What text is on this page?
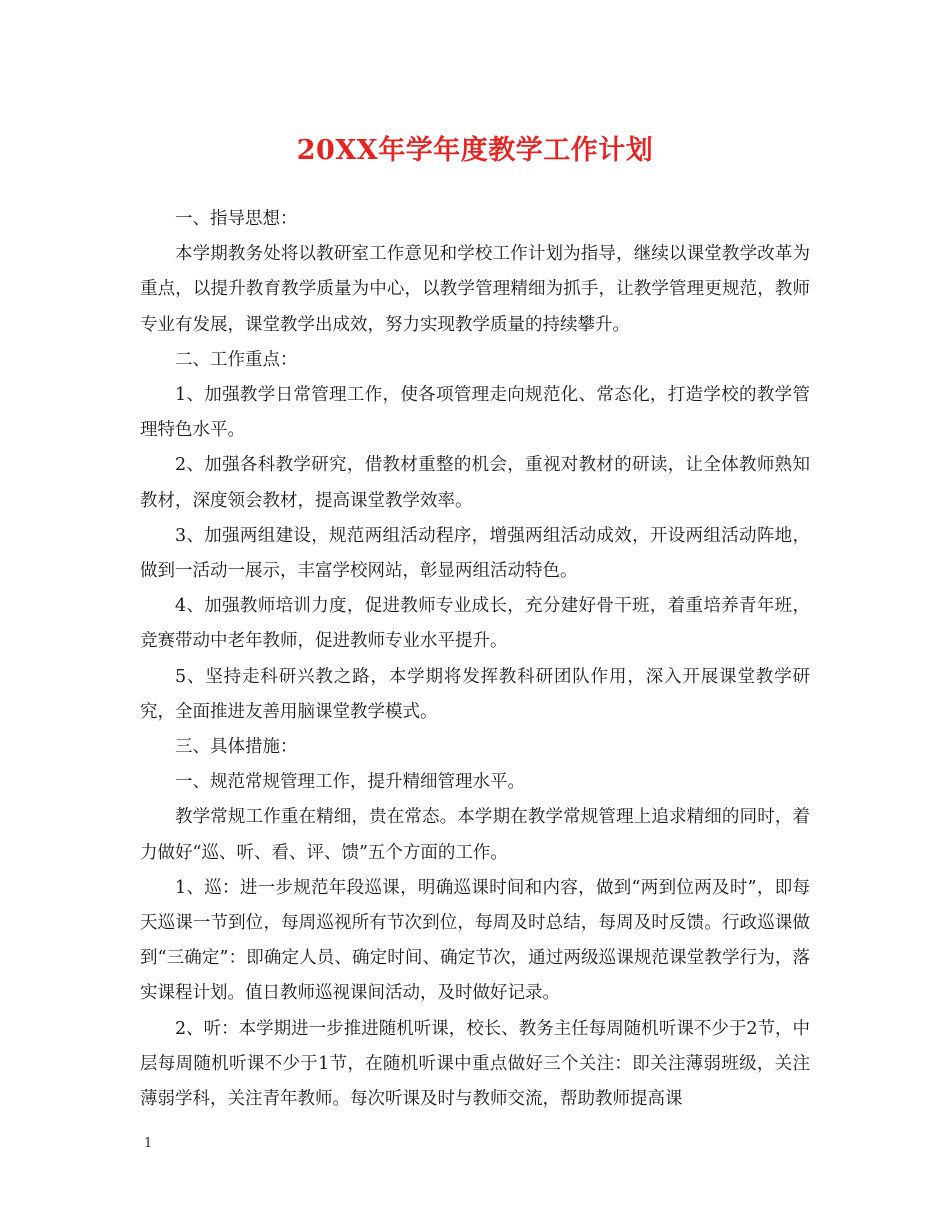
20XX年学年度教学工作计划

一、指导思想：

本学期教务处将以教研室工作意见和学校工作计划为指导，继续以课堂教学改革为重点，以提升教育教学质量为中心，以教学管理精细为抓手，让教学管理更规范，教师专业有发展，课堂教学出成效，努力实现教学质量的持续攀升。

二、工作重点：

1、加强教学日常管理工作，使各项管理走向规范化、常态化，打造学校的教学管理特色水平。

2、加强各科教学研究，借教材重整的机会，重视对教材的研读，让全体教师熟知教材，深度领会教材，提高课堂教学效率。

3、加强两组建设，规范两组活动程序，增强两组活动成效，开设两组活动阵地，做到一活动一展示，丰富学校网站，彰显两组活动特色。

4、加强教师培训力度，促进教师专业成长，充分建好骨干班，着重培养青年班，竞赛带动中老年教师，促进教师专业水平提升。

5、坚持走科研兴教之路，本学期将发挥教科研团队作用，深入开展课堂教学研究，全面推进友善用脑课堂教学模式。

三、具体措施：

一、规范常规管理工作，提升精细管理水平。

教学常规工作重在精细，贵在常态。本学期在教学常规管理上追求精细的同时，着力做好“巡、听、看、评、馈”五个方面的工作。

1、巡：进一步规范年段巡课，明确巡课时间和内容，做到“两到位两及时”，即每天巡课一节到位，每周巡视所有节次到位，每周及时总结，每周及时反馈。行政巡课做到“三确定”：即确定人员、确定时间、确定节次，通过两级巡课规范课堂教学行为，落实课程计划。值日教师巡视课间活动，及时做好记录。

2、听：本学期进一步推进随机听课，校长、教务主任每周随机听课不少于2节，中层每周随机听课不少于1节，在随机听课中重点做好三个关注：即关注薄弱班级，关注薄弱学科，关注青年教师。每次听课及时与教师交流，帮助教师提高课

1
